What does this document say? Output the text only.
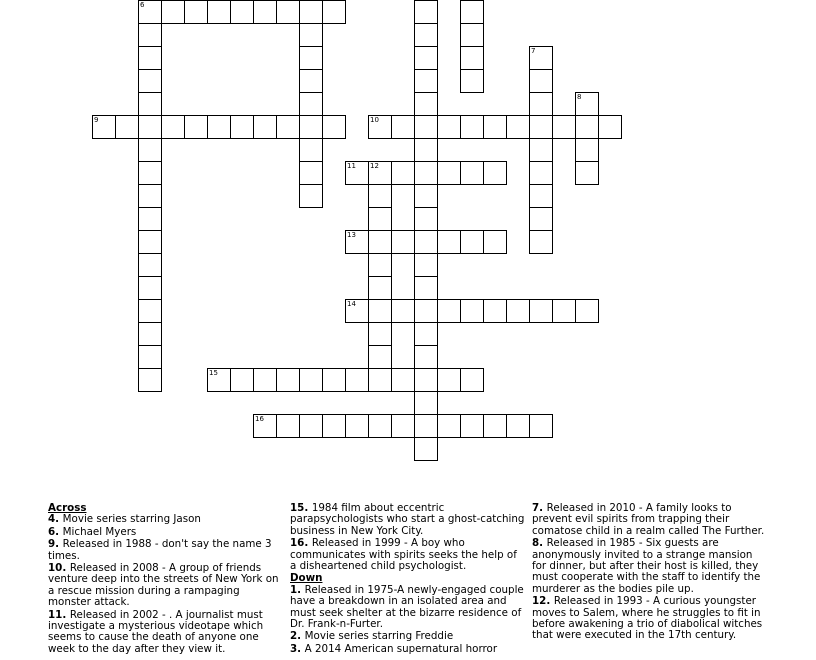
6
9	10
11 12
13
14
15
16
7
8
Across
4. Movie series starring Jason
6. Michael Myers
9. Released in 1988 - don't say the name 3 times.
10. Released in 2008 - A group of friends venture deep into the streets of New York on a rescue mission during a rampaging monster attack.
11. Released in 2002 - . A journalist must investigate a mysterious videotape which seems to cause the death of anyone one week to the day after they view it.
15. 1984 film about eccentric parapsychologists who start a ghost-catching business in New York City.
16. Released in 1999 - A boy who communicates with spirits seeks the help of a disheartened child psychologist.
Down
1. Released in 1975-A newly-engaged couple have a breakdown in an isolated area and must seek shelter at the bizarre residence of Dr. Frank-n-Furter.
2. Movie series starring Freddie
3. A 2014 American supernatural horror
7. Released in 2010 - A family looks to prevent evil spirits from trapping their comatose child in a realm called The Further.
8. Released in 1985 - Six guests are anonymously invited to a strange mansion for dinner, but after their host is killed, they must cooperate with the staff to identify the murderer as the bodies pile up.
12. Released in 1993 - A curious youngster moves to Salem, where he struggles to fit in before awakening a trio of diabolical witches that were executed in the 17th century.
